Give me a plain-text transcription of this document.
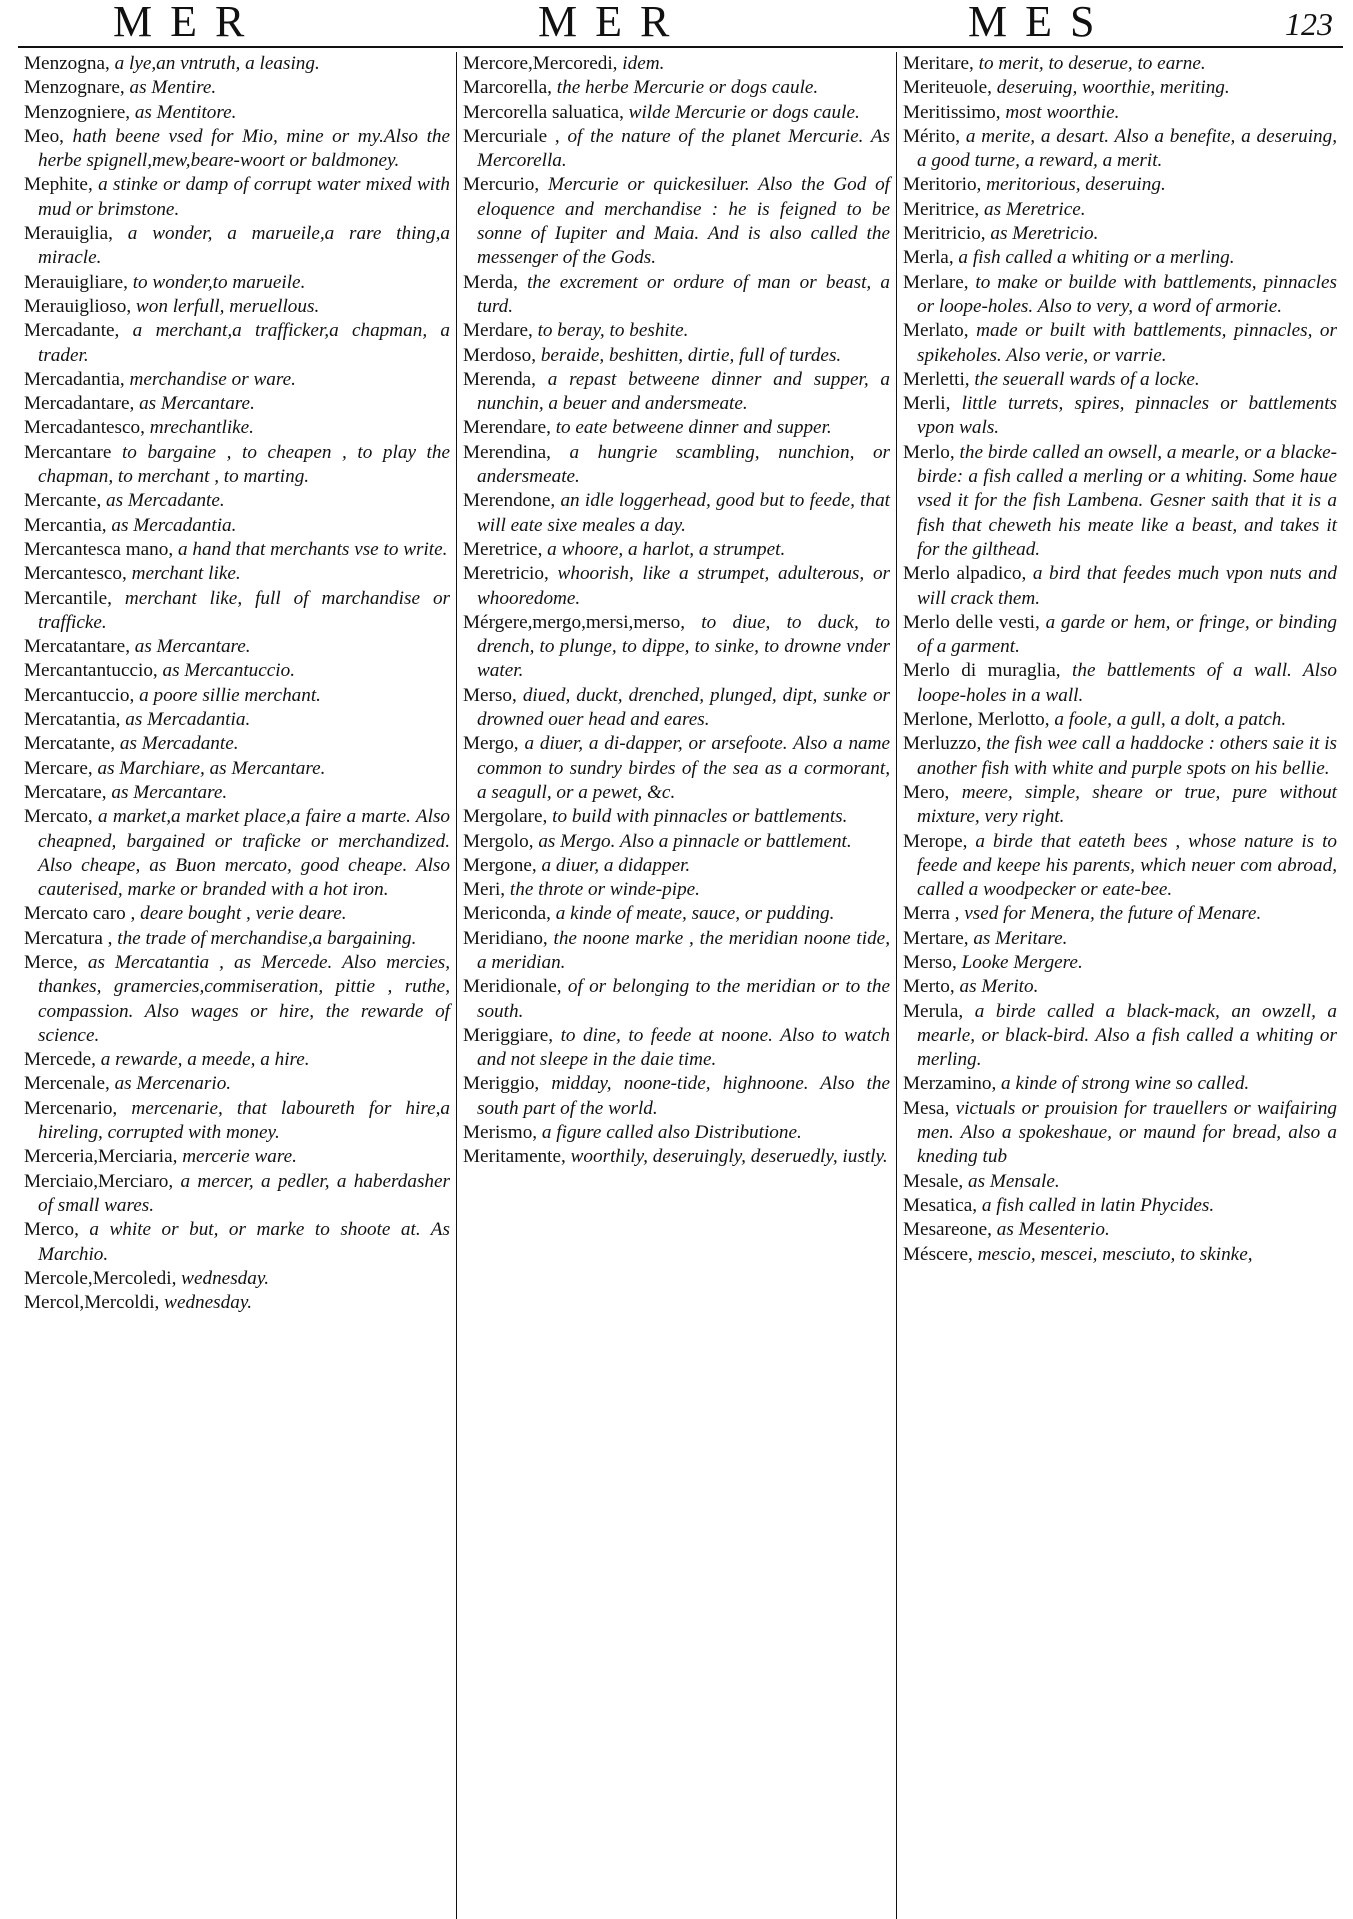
MER	MER	MES	123

Menzogna, a lye,an vntruth, a leasing.

Menzognare, as Mentire.

Menzogniere, as Mentitore.

Meo, hath beene vsed for Mio, mine or my.Also the herbe spignell,mew,beare-woort or baldmoney.

Mephite, a stinke or damp of corrupt water mixed with mud or brimstone.

Merauiglia, a wonder, a marueile,a rare thing,a miracle.

Merauigliare, to wonder,to marueile.

Merauiglioso, won lerfull, meruellous.

Mercadante, a merchant,a trafficker,a chapman, a trader.

Mercadantia, merchandise or ware.

Mercadantare, as Mercantare.

Mercadantesco, mrechantlike.

Mercantare to bargaine , to cheapen , to play the chapman, to merchant , to marting.

Mercante, as Mercadante.

Mercantia, as Mercadantia.

Mercantesca mano, a hand that merchants vse to write.

Mercantesco, merchant like.

Mercantile, merchant like, full of marchandise or trafficke.

Mercatantare, as Mercantare.

Mercantantuccio, as Mercantuccio.

Mercantuccio, a poore sillie merchant.

Mercatantia, as Mercadantia.

Mercatante, as Mercadante.

Mercare, as Marchiare, as Mercantare.

Mercatare, as Mercantare.

Mercato, a market,a market place,a faire a marte. Also cheapned, bargained or traficke or merchandized. Also cheape, as Buon mercato, good cheape. Also cauterised, marke or branded with a hot iron.

Mercato caro , deare bought , verie deare.

Mercatura , the trade of merchandise,a bargaining.

Merce, as Mercatantia , as Mercede. Also mercies, thankes, gramercies,commiseration, pittie , ruthe, compassion. Also wages or hire, the rewarde of science.

Mercede, a rewarde, a meede, a hire.

Mercenale, as Mercenario.

Mercenario, mercenarie, that laboureth for hire,a hireling, corrupted with money.

Merceria,Merciaria, mercerie ware.

Merciaio,Merciaro, a mercer, a pedler, a haberdasher of small wares.

Merco, a white or but, or marke to shoote at. As Marchio.

Mercole,Mercoledi, wednesday.

Mercol,Mercoldi, wednesday.

Mercore,Mercoredi, idem.

Marcorella, the herbe Mercurie or dogs caule.

Mercorella saluatica, wilde Mercurie or dogs caule.

Mercuriale , of the nature of the planet Mercurie. As Mercorella.

Mercurio, Mercurie or quickesiluer. Also the God of eloquence and merchandise : he is feigned to be sonne of Iupiter and Maia. And is also called the messenger of the Gods.

Merda, the excrement or ordure of man or beast, a turd.

Merdare, to beray, to beshite.

Merdoso, beraide, beshitten, dirtie, full of turdes.

Merenda, a repast betweene dinner and supper, a nunchin, a beuer and andersmeate.

Merendare, to eate betweene dinner and supper.

Merendina, a hungrie scambling, nunchion, or andersmeate.

Merendone, an idle loggerhead, good but to feede, that will eate sixe meales a day.

Meretrice, a whoore, a harlot, a strumpet.

Meretricio, whoorish, like a strumpet, adulterous, or whooredome.

Mérgere,mergo,mersi,merso, to diue, to duck, to drench, to plunge, to dippe, to sinke, to drowne vnder water.

Merso, diued, duckt, drenched, plunged, dipt, sunke or drowned ouer head and eares.

Mergo, a diuer, a di-dapper, or arsefoote. Also a name common to sundry birdes of the sea as a cormorant, a seagull, or a pewet, &c.

Mergolare, to build with pinnacles or battlements.

Mergolo, as Mergo. Also a pinnacle or battlement.

Mergone, a diuer, a didapper.

Meri, the throte or winde-pipe.

Mericonda, a kinde of meate, sauce, or pudding.

Meridiano, the noone marke , the meridian noone tide, a meridian.

Meridionale, of or belonging to the meridian or to the south.

Meriggiare, to dine, to feede at noone. Also to watch and not sleepe in the daie time.

Meriggio, midday, noone-tide, highnoone. Also the south part of the world.

Merismo, a figure called also Distributione.

Meritamente, woorthily, deseruingly, deseruedly, iustly.

Meritare, to merit, to deserue, to earne.

Meriteuole, deseruing, woorthie, meriting.

Meritissimo, most woorthie.

Mérito, a merite, a desart. Also a benefite, a deseruing, a good turne, a reward, a merit.

Meritorio, meritorious, deseruing.

Meritrice, as Meretrice.

Meritricio, as Meretricio.

Merla, a fish called a whiting or a merling.

Merlare, to make or builde with battlements, pinnacles or loope-holes. Also to very, a word of armorie.

Merlato, made or built with battlements, pinnacles, or spikeholes. Also verie, or varrie.

Merletti, the seuerall wards of a locke.

Merli, little turrets, spires, pinnacles or battlements vpon wals.

Merlo, the birde called an owsell, a mearle, or a blacke-birde: a fish called a merling or a whiting. Some haue vsed it for the fish Lambena. Gesner saith that it is a fish that cheweth his meate like a beast, and takes it for the gilthead.

Merlo alpadico, a bird that feedes much vpon nuts and will crack them.

Merlo delle vesti, a garde or hem, or fringe, or binding of a garment.

Merlo di muraglia, the battlements of a wall. Also loope-holes in a wall.

Merlone, Merlotto, a foole, a gull, a dolt, a patch.

Merluzzo, the fish wee call a haddocke : others saie it is another fish with white and purple spots on his bellie.

Mero, meere, simple, sheare or true, pure without mixture, very right.

Merope, a birde that eateth bees , whose nature is to feede and keepe his parents, which neuer com abroad, called a woodpecker or eate-bee.

Merra , vsed for Menera, the future of Menare.

Mertare, as Meritare.

Merso, Looke Mergere.

Merto, as Merito.

Merula, a birde called a black-mack, an owzell, a mearle, or black-bird. Also a fish called a whiting or merling.

Merzamino, a kinde of strong wine so called.

Mesa, victuals or prouision for trauellers or waifairing men. Also a spokeshaue, or maund for bread, also a kneding tub

Mesale, as Mensale.

Mesatica, a fish called in latin Phycides.

Mesareone, as Mesenterio.

Méscere, mescio, mescei, mesciuto, to skinke,
